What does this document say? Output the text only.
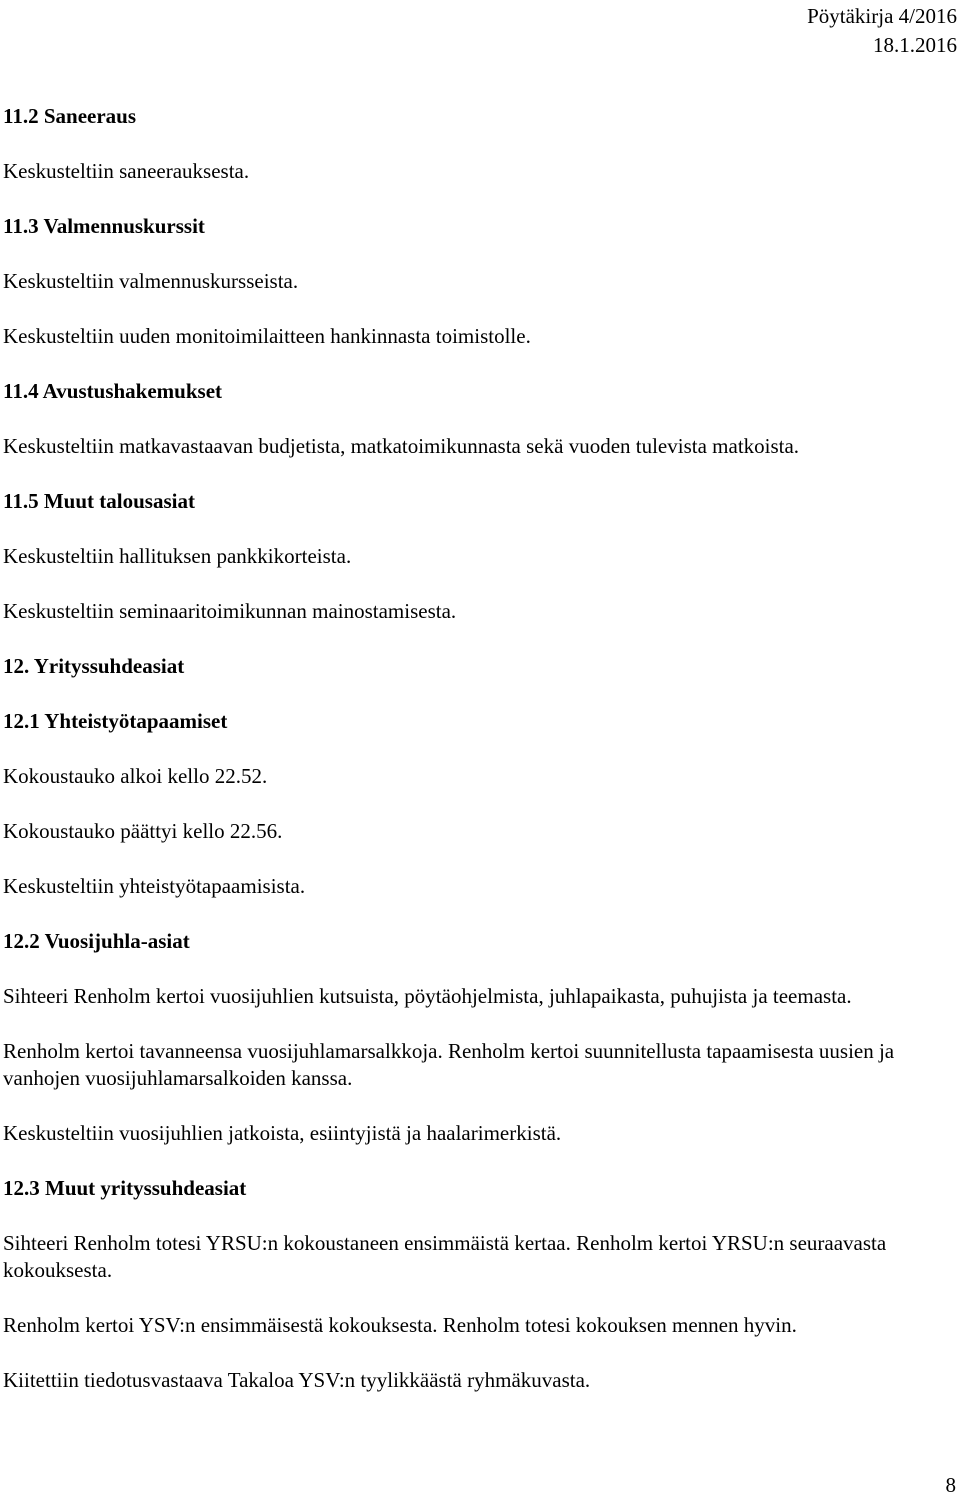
Pöytäkirja 4/2016
18.1.2016
11.2 Saneeraus
Keskusteltiin saneerauksesta.
11.3 Valmennuskurssit
Keskusteltiin valmennuskursseista.
Keskusteltiin uuden monitoimilaitteen hankinnasta toimistolle.
11.4 Avustushakemukset
Keskusteltiin matkavastaavan budjetista, matkatoimikunnasta sekä vuoden tulevista matkoista.
11.5 Muut talousasiat
Keskusteltiin hallituksen pankkikorteista.
Keskusteltiin seminaaritoimikunnan mainostamisesta.
12. Yrityssuhdeasiat
12.1 Yhteistyötapaamiset
Kokoustauko alkoi kello 22.52.
Kokoustauko päättyi kello 22.56.
Keskusteltiin yhteistyötapaamisista.
12.2 Vuosijuhla-asiat
Sihteeri Renholm kertoi vuosijuhlien kutsuista, pöytäohjelmista, juhlapaikasta, puhujista ja teemasta.
Renholm kertoi tavanneensa vuosijuhlamarsalkkoja. Renholm kertoi suunnitellusta tapaamisesta uusien ja vanhojen vuosijuhlamarsalkoiden kanssa.
Keskusteltiin vuosijuhlien jatkoista, esiintyjistä ja haalarimerkistä.
12.3 Muut yrityssuhdeasiat
Sihteeri Renholm totesi YRSU:n kokoustaneen ensimmäistä kertaa. Renholm kertoi YRSU:n seuraavasta kokouksesta.
Renholm kertoi YSV:n ensimmäisestä kokouksesta. Renholm totesi kokouksen mennen hyvin.
Kiitettiin tiedotusvastaava Takaloa YSV:n tyylikkäästä ryhmäkuvasta.
8
